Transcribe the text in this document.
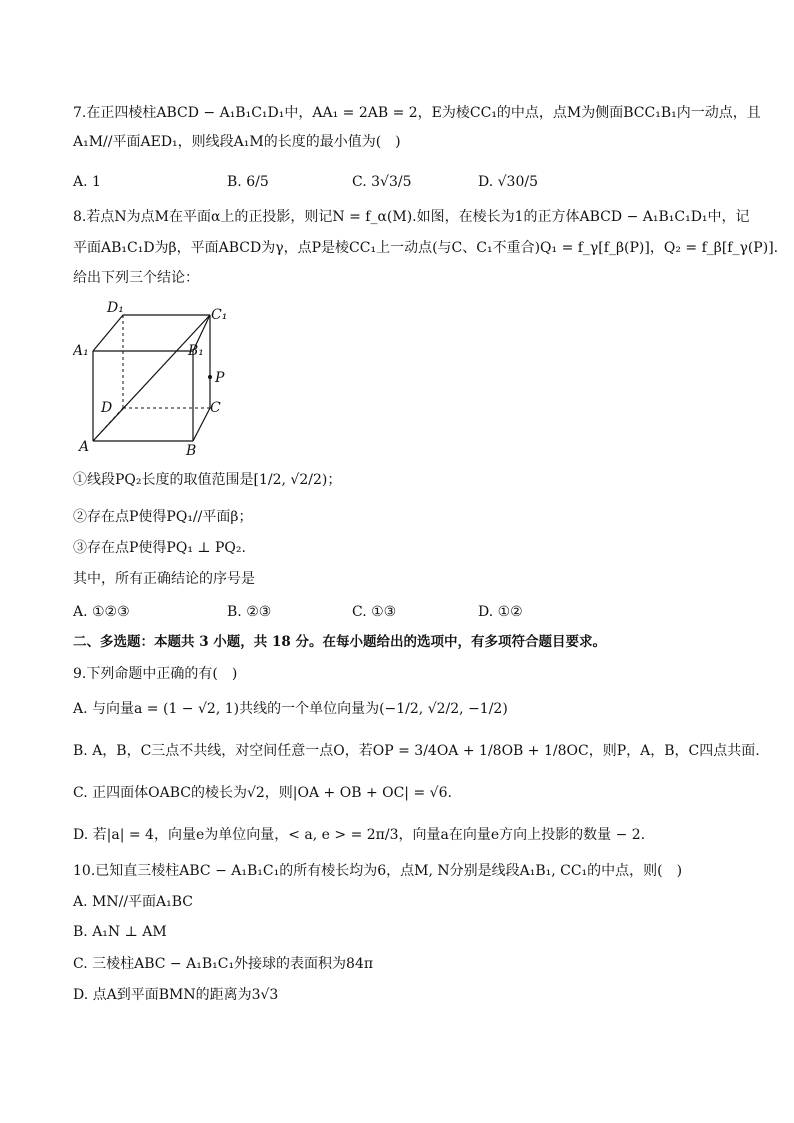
7.在正四棱柱ABCD − A₁B₁C₁D₁中，AA₁ = 2AB = 2，E为棱CC₁的中点，点M为侧面BCC₁B₁内一动点，且
A₁M//平面AED₁，则线段A₁M的长度的最小值为(　)
A. 1	B. 6/5	C. 3√3/5	D. √30/5
8.若点N为点M在平面α上的正投影，则记N = f_α(M).如图，在棱长为1的正方体ABCD − A₁B₁C₁D₁中，记
平面AB₁C₁D为β，平面ABCD为γ，点P是棱CC₁上一动点(与C、C₁不重合)Q₁ = f_γ[f_β(P)]，Q₂ = f_β[f_γ(P)].
给出下列三个结论：
D₁	C₁
A₁	B₁
P
D	C
A	B
①线段PQ₂长度的取值范围是[1/2, √2/2)；
②存在点P使得PQ₁//平面β；
③存在点P使得PQ₁ ⊥ PQ₂.
其中，所有正确结论的序号是
A. ①②③	B. ②③	C. ①③	D. ①②
二、多选题：本题共 3 小题，共 18 分。在每小题给出的选项中，有多项符合题目要求。
9.下列命题中正确的有(　)
A. 与向量a = (1 − √2, 1)共线的一个单位向量为(−1/2, √2/2, −1/2)
B. A，B，C三点不共线，对空间任意一点O，若OP = 3/4OA + 1/8OB + 1/8OC，则P，A，B，C四点共面.
C. 正四面体OABC的棱长为√2，则|OA + OB + OC| = √6.
D. 若|a| = 4，向量e为单位向量，< a, e > = 2π/3，向量a在向量e方向上投影的数量 − 2.
10.已知直三棱柱ABC − A₁B₁C₁的所有棱长均为6，点M, N分别是线段A₁B₁, CC₁的中点，则(　)
A. MN//平面A₁BC
B. A₁N ⊥ AM
C. 三棱柱ABC − A₁B₁C₁外接球的表面积为84π
D. 点A到平面BMN的距离为3√3
